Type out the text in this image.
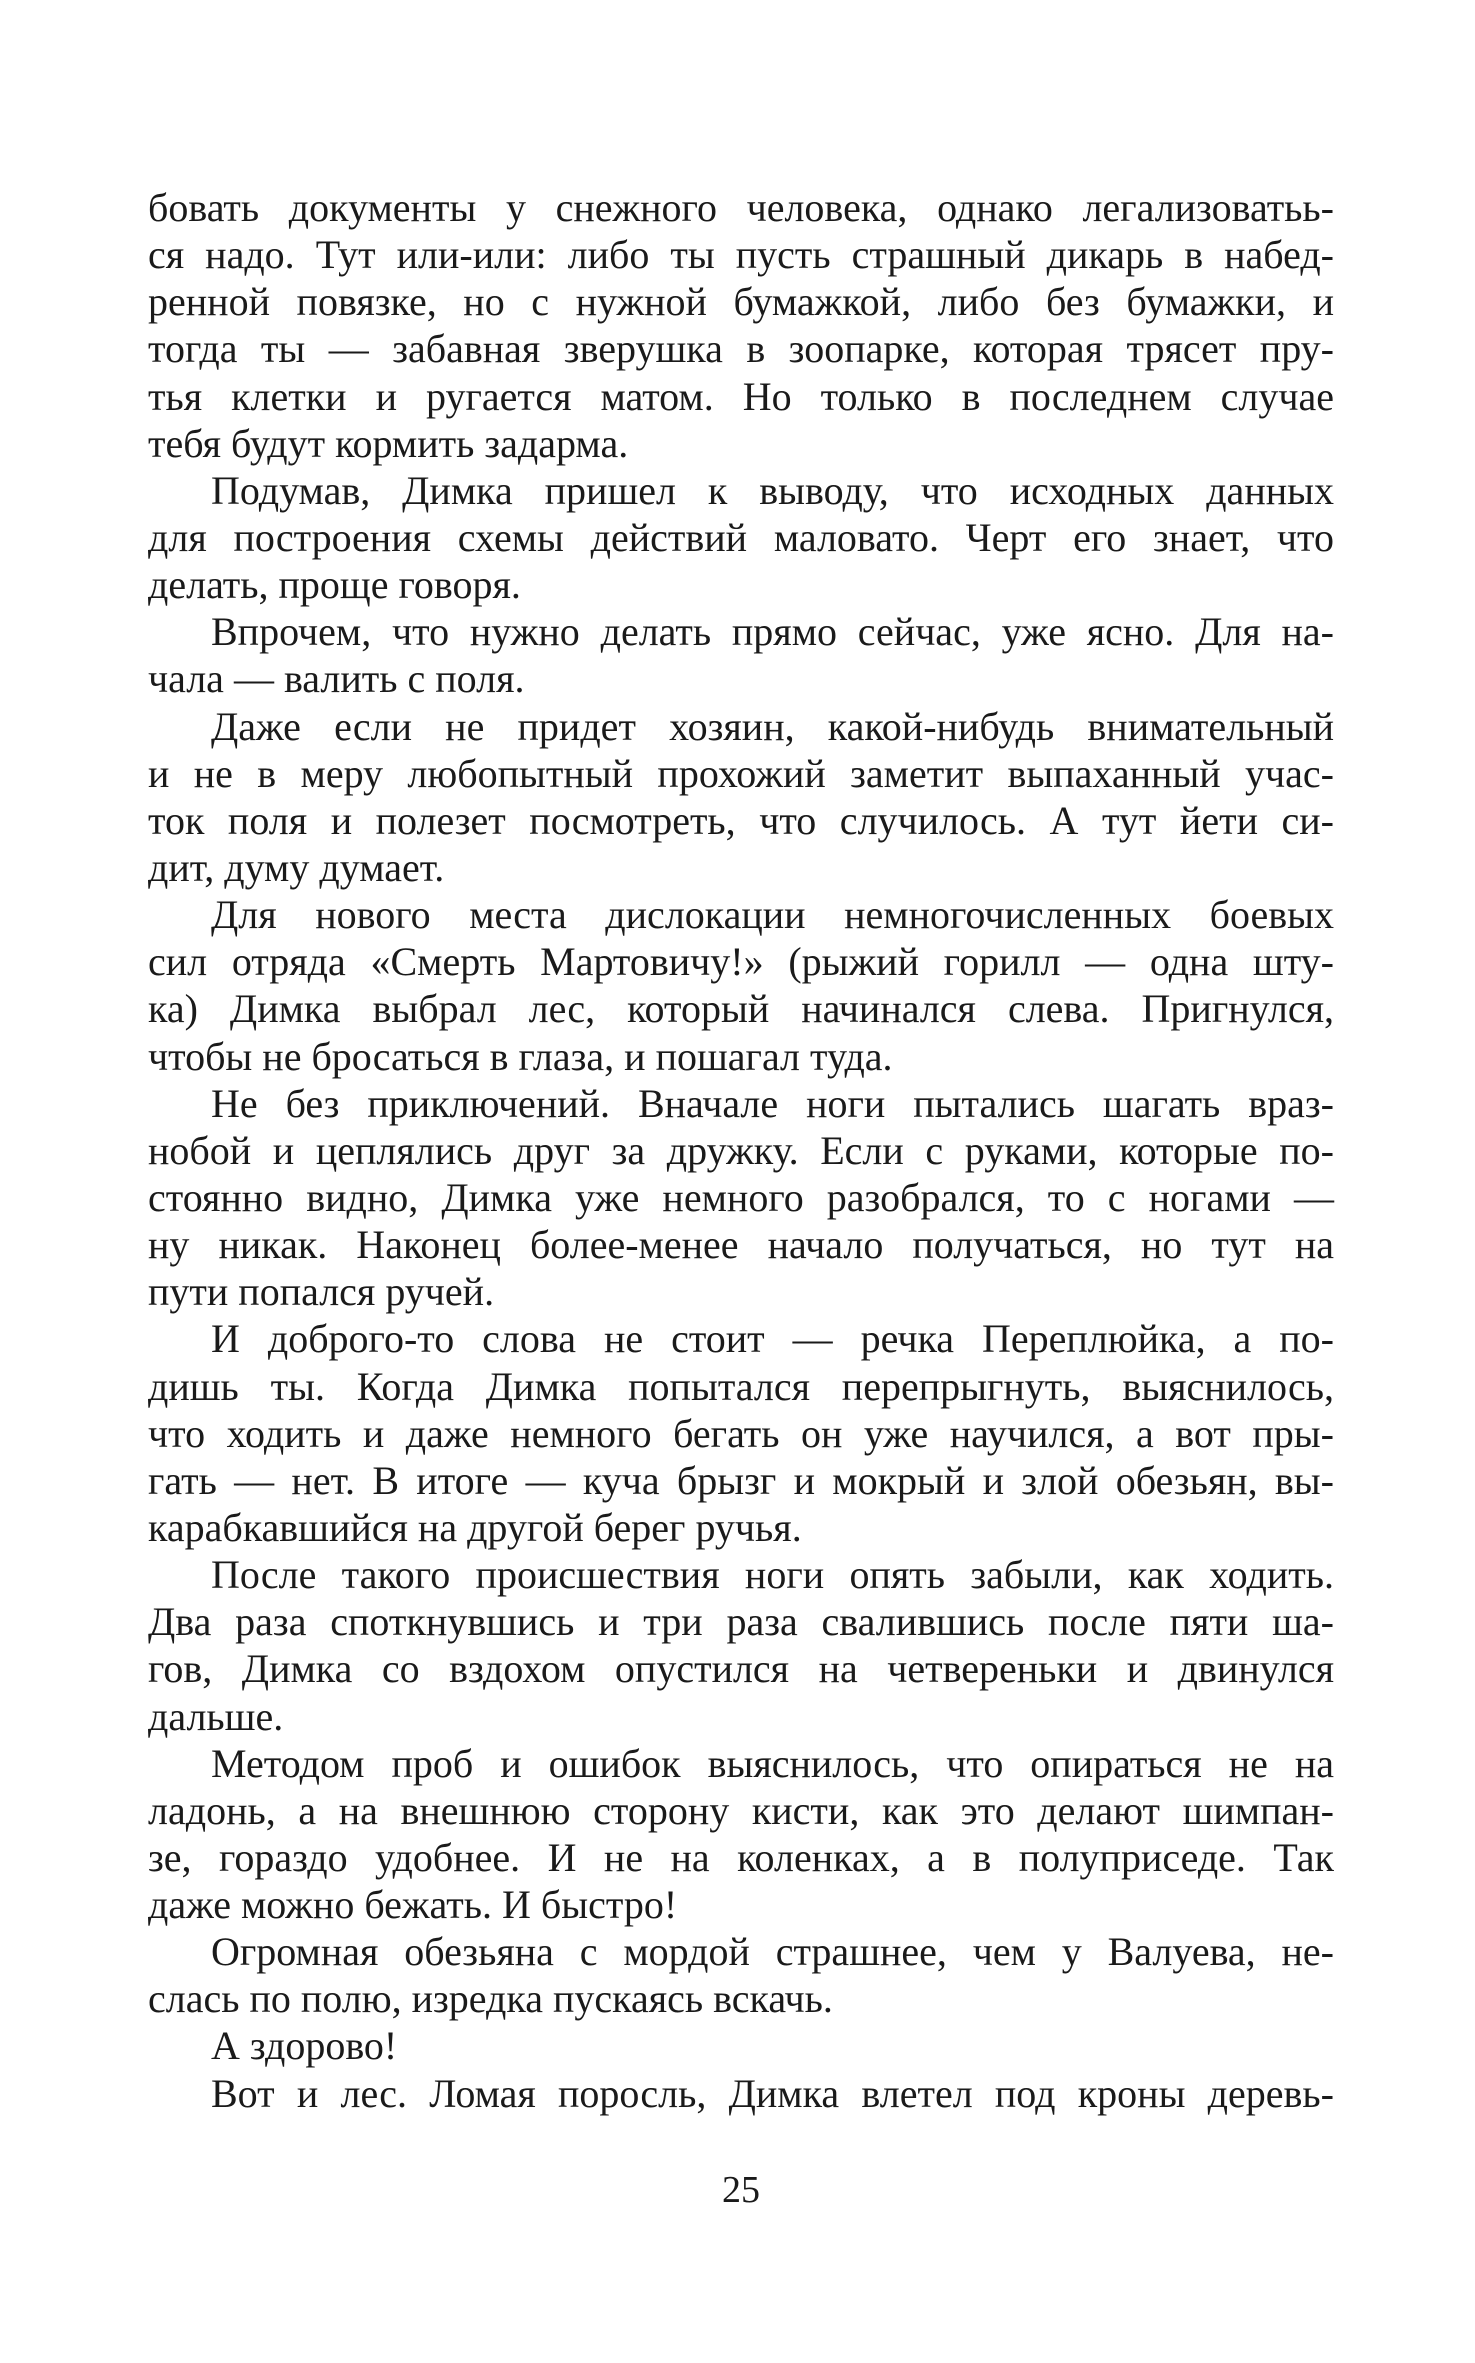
бовать документы у снежного человека, однако легализоватьь-
ся надо. Тут или-или: либо ты пусть страшный дикарь в набед-
ренной повязке, но с нужной бумажкой, либо без бумажки, и
тогда ты — забавная зверушка в зоопарке, которая трясет пру-
тья клетки и ругается матом. Но только в последнем случае
тебя будут кормить задарма.
Подумав, Димка пришел к выводу, что исходных данных
для построения схемы действий маловато. Черт его знает, что
делать, проще говоря.
Впрочем, что нужно делать прямо сейчас, уже ясно. Для на-
чала — валить с поля.
Даже если не придет хозяин, какой-нибудь внимательный
и не в меру любопытный прохожий заметит выпаханный учас-
ток поля и полезет посмотреть, что случилось. А тут йети си-
дит, думу думает.
Для нового места дислокации немногочисленных боевых
сил отряда «Смерть Мартовичу!» (рыжий горилл — одна шту-
ка) Димка выбрал лес, который начинался слева. Пригнулся,
чтобы не бросаться в глаза, и пошагал туда.
Не без приключений. Вначале ноги пытались шагать враз-
нобой и цеплялись друг за дружку. Если с руками, которые по-
стоянно видно, Димка уже немного разобрался, то с ногами —
ну никак. Наконец более-менее начало получаться, но тут на
пути попался ручей.
И доброго-то слова не стоит — речка Переплюйка, а по-
дишь ты. Когда Димка попытался перепрыгнуть, выяснилось,
что ходить и даже немного бегать он уже научился, а вот пры-
гать — нет. В итоге — куча брызг и мокрый и злой обезьян, вы-
карабкавшийся на другой берег ручья.
После такого происшествия ноги опять забыли, как ходить.
Два раза споткнувшись и три раза свалившись после пяти ша-
гов, Димка со вздохом опустился на четвереньки и двинулся
дальше.
Методом проб и ошибок выяснилось, что опираться не на
ладонь, а на внешнюю сторону кисти, как это делают шимпан-
зе, гораздо удобнее. И не на коленках, а в полуприседе. Так
даже можно бежать. И быстро!
Огромная обезьяна с мордой страшнее, чем у Валуева, не-
слась по полю, изредка пускаясь вскачь.
А здорово!
Вот и лес. Ломая поросль, Димка влетел под кроны деревь-
25
